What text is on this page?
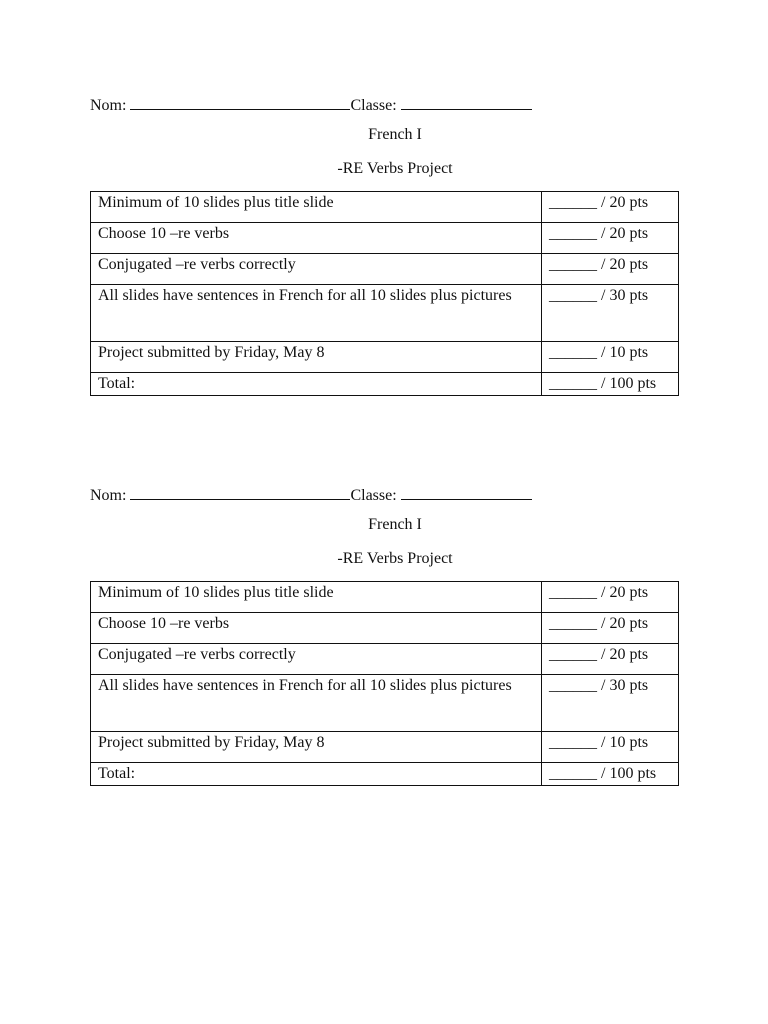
Nom:	Classe:
French I
-RE Verbs Project
Minimum of 10 slides plus title slide	______ / 20 pts
Choose 10 –re verbs	______ / 20 pts
Conjugated –re verbs correctly	______ / 20 pts
All slides have sentences in French for all 10 slides plus pictures	______ / 30 pts
Project submitted by Friday, May 8	______ / 10 pts
Total:	______ / 100 pts
Nom:	Classe:
French I
-RE Verbs Project
Minimum of 10 slides plus title slide	______ / 20 pts
Choose 10 –re verbs	______ / 20 pts
Conjugated –re verbs correctly	______ / 20 pts
All slides have sentences in French for all 10 slides plus pictures	______ / 30 pts
Project submitted by Friday, May 8	______ / 10 pts
Total:	______ / 100 pts
